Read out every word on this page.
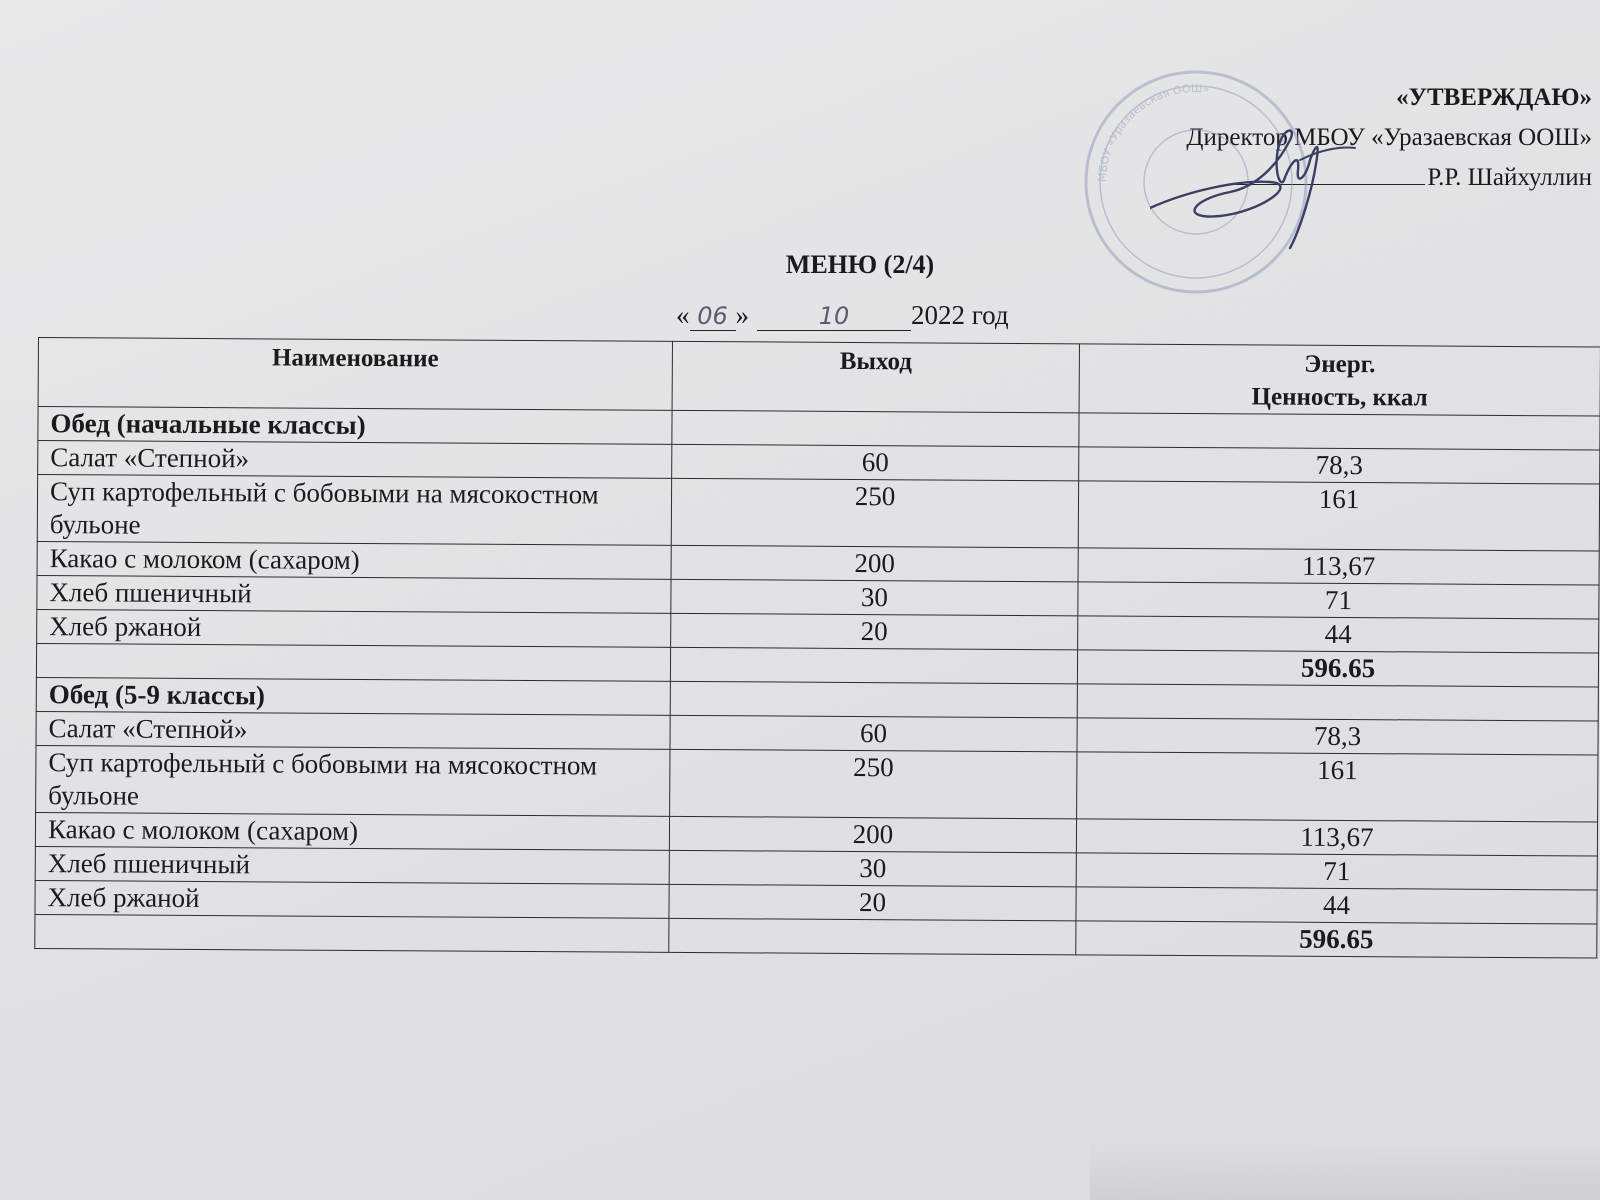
«УТВЕРЖДАЮ»
Директор МБОУ «Уразаевская ООШ»
Р.Р. Шайхуллин
МБОУ «Уразаевская ООШ»
МЕНЮ (2/4)
« 06 »	10 2022 год
Наименование	Выход	Энерг.
Ценность, ккал
Обед (начальные классы)		
Салат «Степной»	60	78,3
Суп картофельный с бобовыми на мясокостном бульоне	250	161
Какао с молоком (сахаром)	200	113,67
Хлеб пшеничный	30	71
Хлеб ржаной	20	44
		596.65
Обед (5-9 классы)		
Салат «Степной»	60	78,3
Суп картофельный с бобовыми на мясокостном бульоне	250	161
Какао с молоком (сахаром)	200	113,67
Хлеб пшеничный	30	71
Хлеб ржаной	20	44
		596.65
